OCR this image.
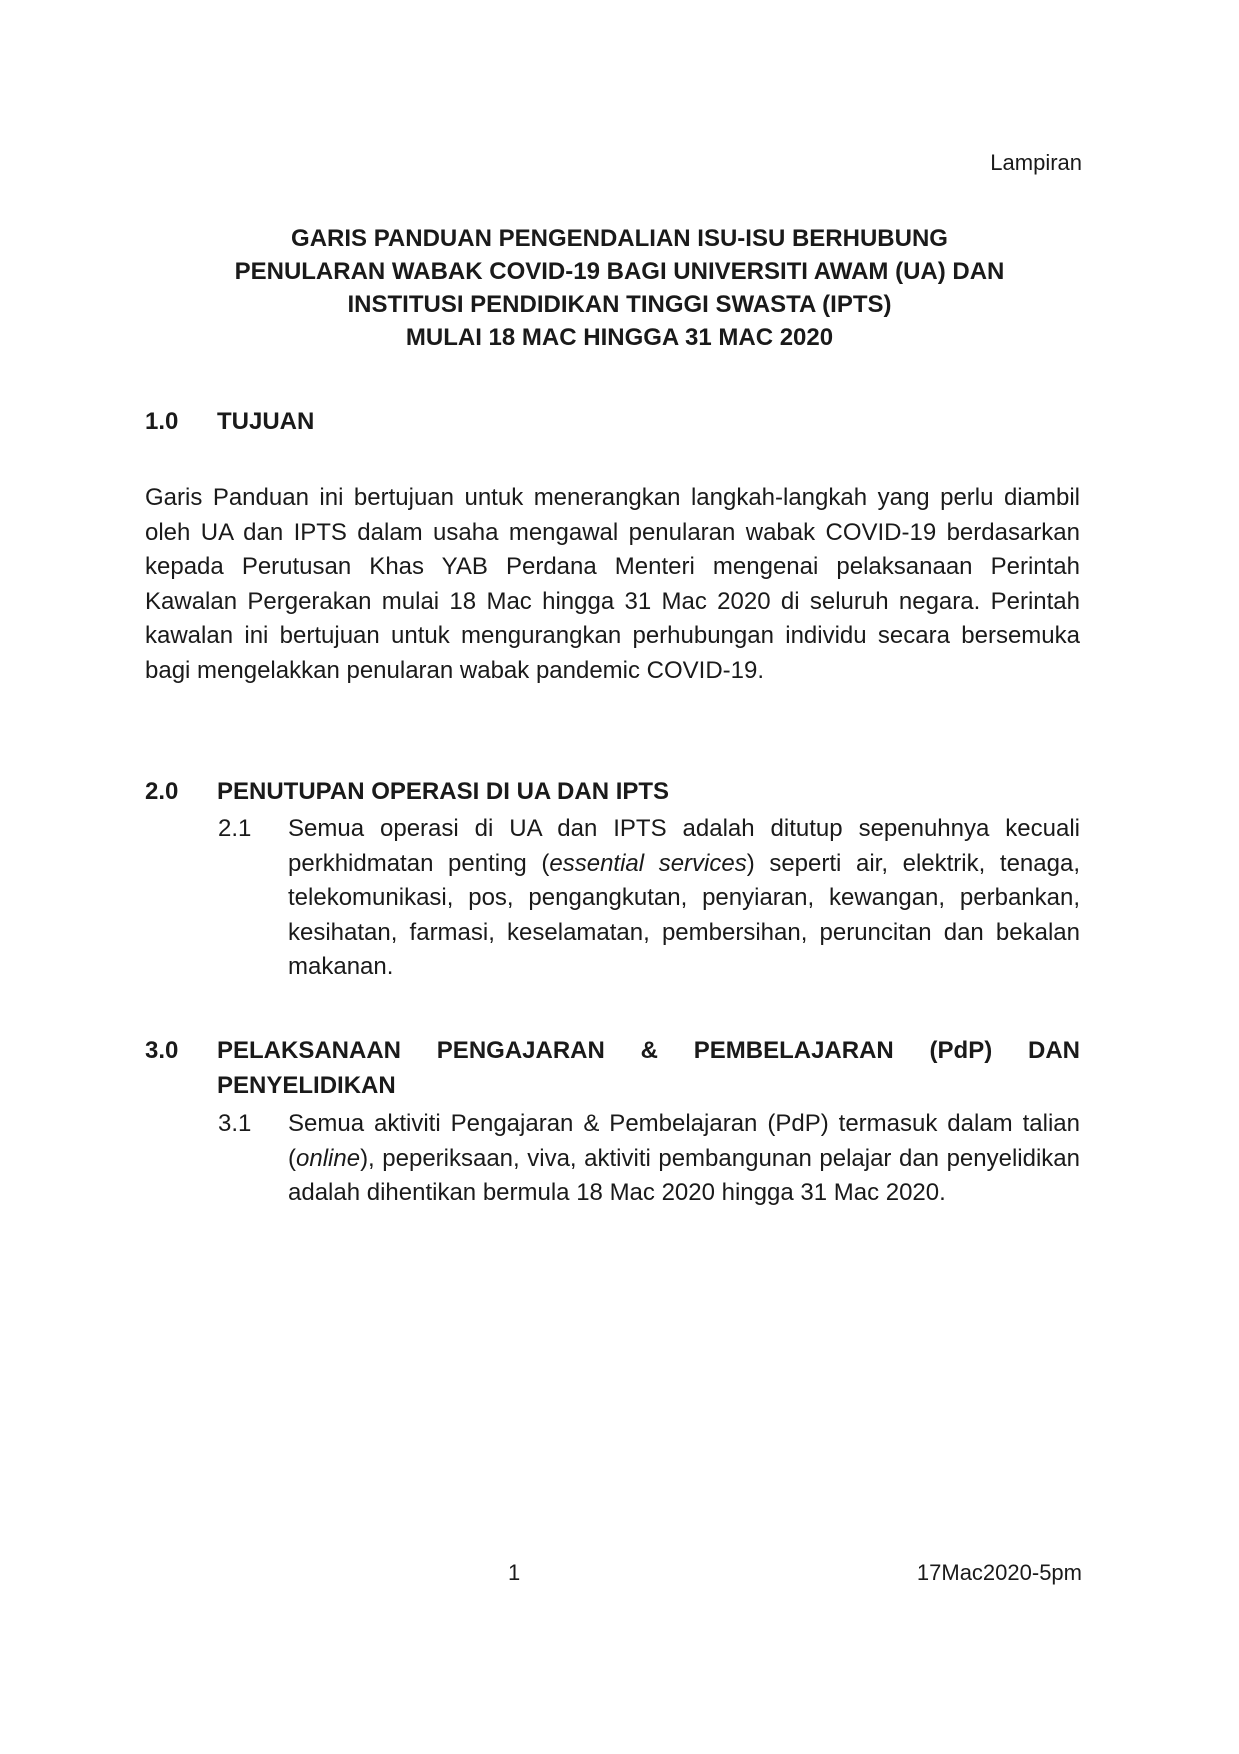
Lampiran
GARIS PANDUAN PENGENDALIAN ISU-ISU BERHUBUNG
PENULARAN WABAK COVID-19 BAGI UNIVERSITI AWAM (UA) DAN
INSTITUSI PENDIDIKAN TINGGI SWASTA (IPTS)
MULAI 18 MAC HINGGA 31 MAC 2020
1.0 TUJUAN
Garis Panduan ini bertujuan untuk menerangkan langkah-langkah yang perlu diambil oleh UA dan IPTS dalam usaha mengawal penularan wabak COVID-19 berdasarkan kepada Perutusan Khas YAB Perdana Menteri mengenai pelaksanaan Perintah Kawalan Pergerakan mulai 18 Mac hingga 31 Mac 2020 di seluruh negara. Perintah kawalan ini bertujuan untuk mengurangkan perhubungan individu secara bersemuka bagi mengelakkan penularan wabak pandemic COVID-19.
2.0 PENUTUPAN OPERASI DI UA DAN IPTS
2.1 Semua operasi di UA dan IPTS adalah ditutup sepenuhnya kecuali perkhidmatan penting (essential services) seperti air, elektrik, tenaga, telekomunikasi, pos, pengangkutan, penyiaran, kewangan, perbankan, kesihatan, farmasi, keselamatan, pembersihan, peruncitan dan bekalan makanan.
3.0 PELAKSANAAN PENGAJARAN & PEMBELAJARAN (PdP) DAN PENYELIDIKAN
3.1 Semua aktiviti Pengajaran & Pembelajaran (PdP) termasuk dalam talian (online), peperiksaan, viva, aktiviti pembangunan pelajar dan penyelidikan adalah dihentikan bermula 18 Mac 2020 hingga 31 Mac 2020.
1	17Mac2020-5pm
